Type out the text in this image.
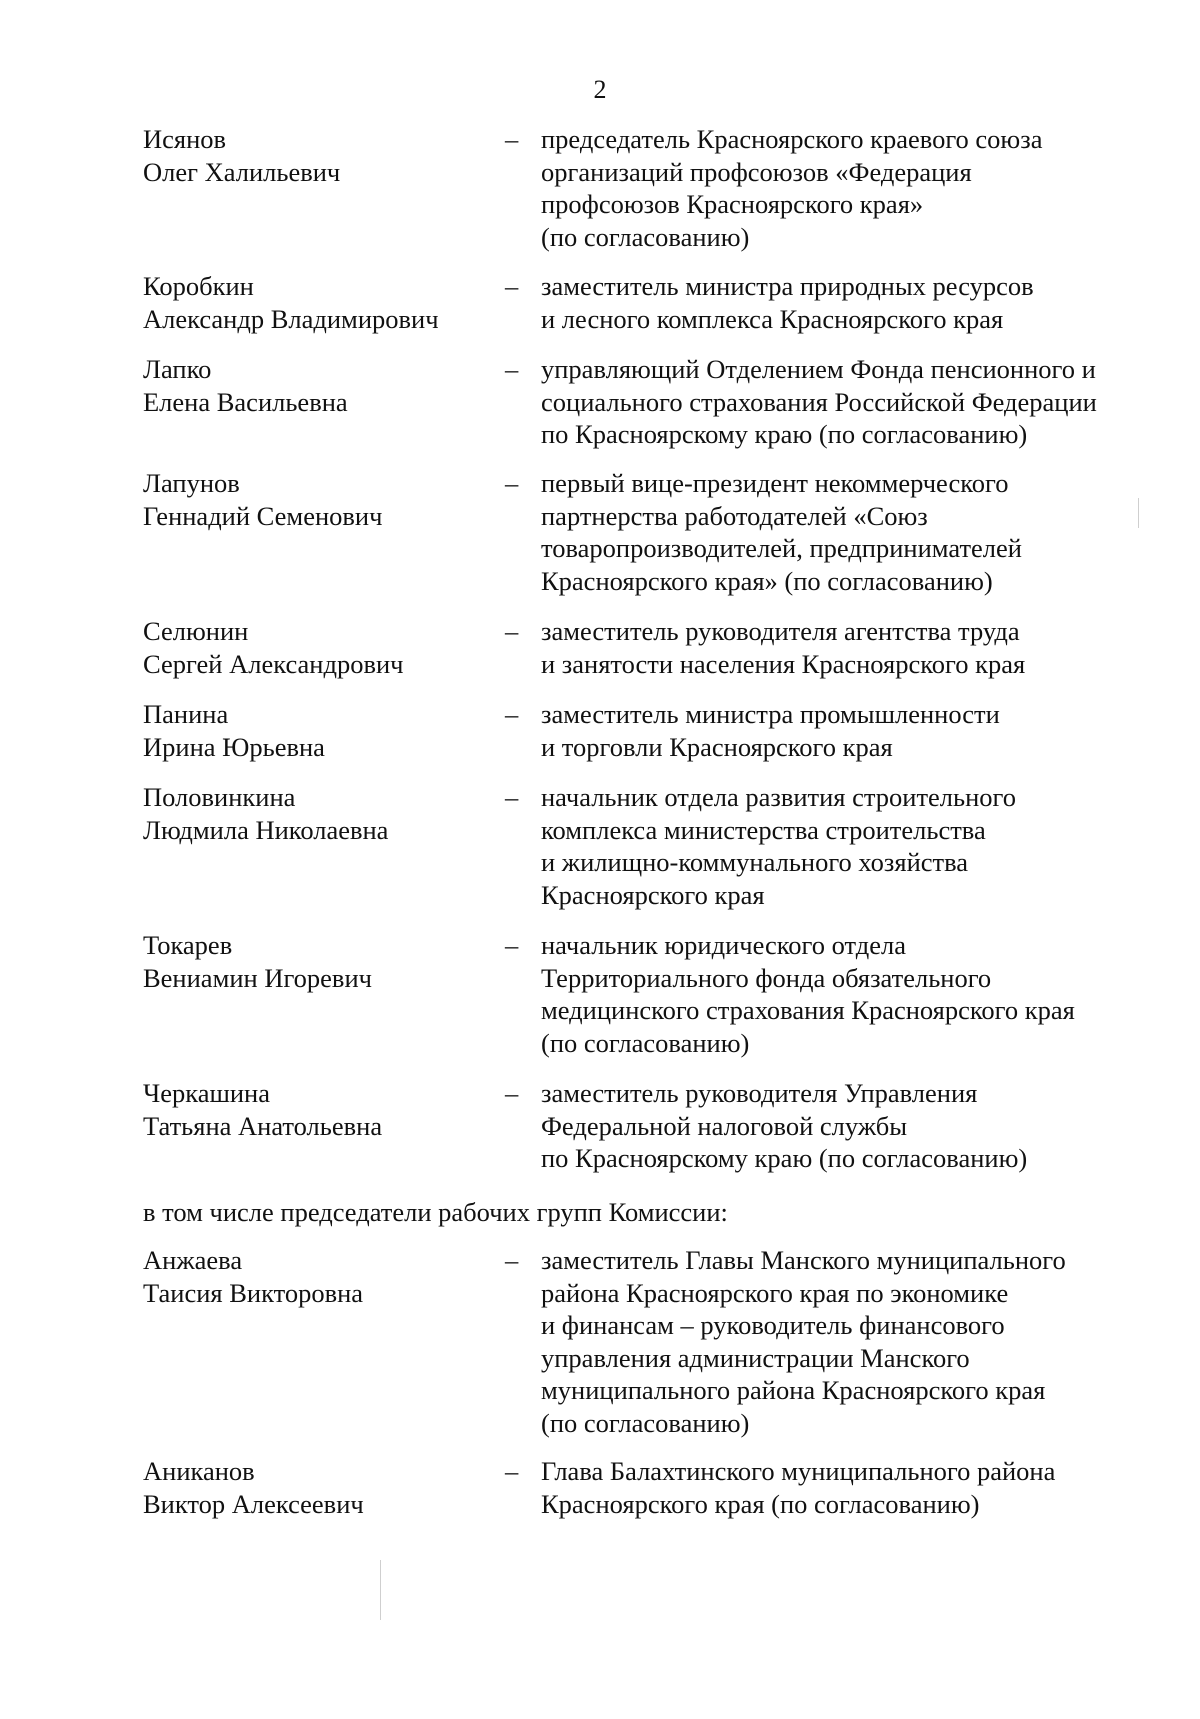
2
Исянов
Олег Халильевич
– председатель Красноярского краевого союза
организаций профсоюзов «Федерация
профсоюзов Красноярского края»
(по согласованию)
Коробкин
Александр Владимирович
– заместитель министра природных ресурсов
и лесного комплекса Красноярского края
Лапко
Елена Васильевна
– управляющий Отделением Фонда пенсионного и
социального страхования Российской Федерации
по Красноярскому краю (по согласованию)
Лапунов
Геннадий Семенович
– первый вице-президент некоммерческого
партнерства работодателей «Союз
товаропроизводителей, предпринимателей
Красноярского края» (по согласованию)
Селюнин
Сергей Александрович
– заместитель руководителя агентства труда
и занятости населения Красноярского края
Панина
Ирина Юрьевна
– заместитель министра промышленности
и торговли Красноярского края
Половинкина
Людмила Николаевна
– начальник отдела развития строительного
комплекса министерства строительства
и жилищно-коммунального хозяйства
Красноярского края
Токарев
Вениамин Игоревич
– начальник юридического отдела
Территориального фонда обязательного
медицинского страхования Красноярского края
(по согласованию)
Черкашина
Татьяна Анатольевна
– заместитель руководителя Управления
Федеральной налоговой службы
по Красноярскому краю (по согласованию)
в том числе председатели рабочих групп Комиссии:
Анжаева
Таисия Викторовна
– заместитель Главы Манского муниципального
района Красноярского края по экономике
и финансам – руководитель финансового
управления администрации Манского
муниципального района Красноярского края
(по согласованию)
Аниканов
Виктор Алексеевич
– Глава Балахтинского муниципального района
Красноярского края (по согласованию)
